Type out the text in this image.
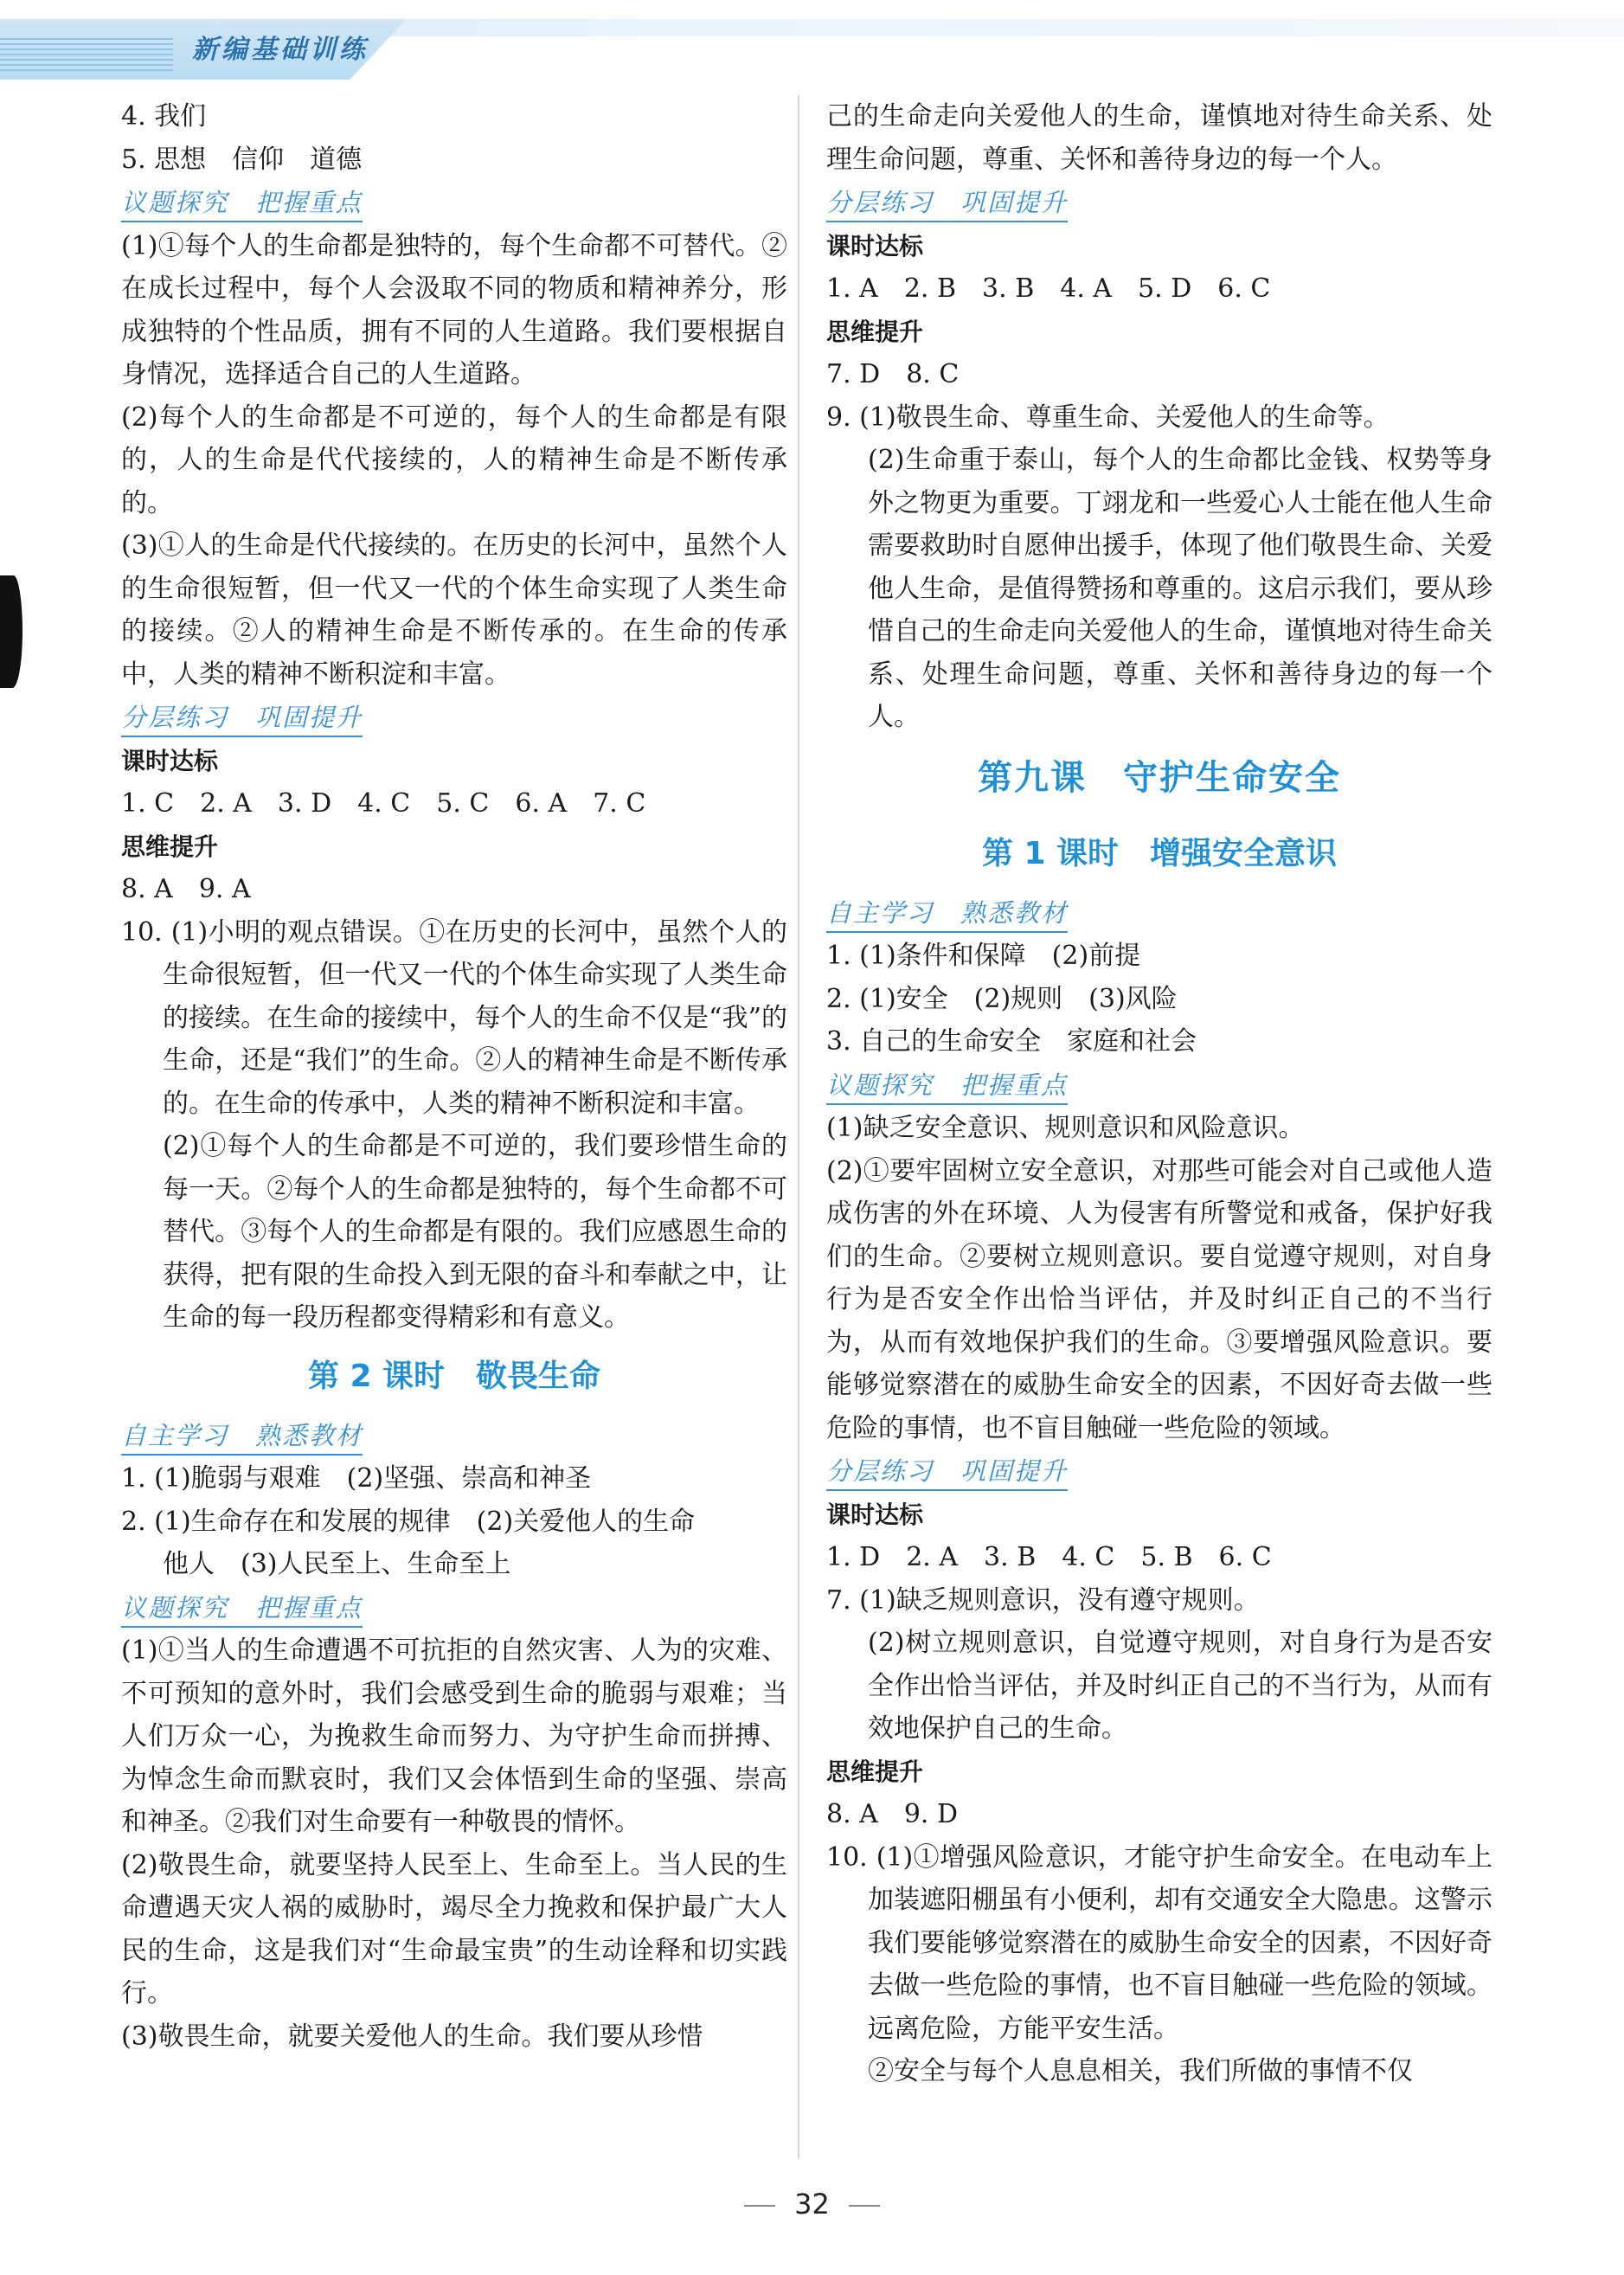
新编基础训练

4. 我们

5. 思想　信仰　道德

议题探究　把握重点

(1)①每个人的生命都是独特的，每个生命都不可替代。②在成长过程中，每个人会汲取不同的物质和精神养分，形成独特的个性品质，拥有不同的人生道路。我们要根据自身情况，选择适合自己的人生道路。

(2)每个人的生命都是不可逆的，每个人的生命都是有限的，人的生命是代代接续的，人的精神生命是不断传承的。

(3)①人的生命是代代接续的。在历史的长河中，虽然个人的生命很短暂，但一代又一代的个体生命实现了人类生命的接续。②人的精神生命是不断传承的。在生命的传承中，人类的精神不断积淀和丰富。

分层练习　巩固提升

课时达标

1. C　2. A　3. D　4. C　5. C　6. A　7. C

思维提升

8. A　9. A

10. (1)小明的观点错误。①在历史的长河中，虽然个人的生命很短暂，但一代又一代的个体生命实现了人类生命的接续。在生命的接续中，每个人的生命不仅是“我”的生命，还是“我们”的生命。②人的精神生命是不断传承的。在生命的传承中，人类的精神不断积淀和丰富。

(2)①每个人的生命都是不可逆的，我们要珍惜生命的每一天。②每个人的生命都是独特的，每个生命都不可替代。③每个人的生命都是有限的。我们应感恩生命的获得，把有限的生命投入到无限的奋斗和奉献之中，让生命的每一段历程都变得精彩和有意义。

第 2 课时　敬畏生命
自主学习　熟悉教材

1. (1)脆弱与艰难　(2)坚强、崇高和神圣

2. (1)生命存在和发展的规律　(2)关爱他人的生命

他人　(3)人民至上、生命至上

议题探究　把握重点

(1)①当人的生命遭遇不可抗拒的自然灾害、人为的灾难、不可预知的意外时，我们会感受到生命的脆弱与艰难；当人们万众一心，为挽救生命而努力、为守护生命而拼搏、为悼念生命而默哀时，我们又会体悟到生命的坚强、崇高和神圣。②我们对生命要有一种敬畏的情怀。

(2)敬畏生命，就要坚持人民至上、生命至上。当人民的生命遭遇天灾人祸的威胁时，竭尽全力挽救和保护最广大人民的生命，这是我们对“生命最宝贵”的生动诠释和切实践行。

(3)敬畏生命，就要关爱他人的生命。我们要从珍惜

己的生命走向关爱他人的生命，谨慎地对待生命关系、处理生命问题，尊重、关怀和善待身边的每一个人。

分层练习　巩固提升

课时达标

1. A　2. B　3. B　4. A　5. D　6. C

思维提升

7. D　8. C

9. (1)敬畏生命、尊重生命、关爱他人的生命等。

(2)生命重于泰山，每个人的生命都比金钱、权势等身外之物更为重要。丁翊龙和一些爱心人士能在他人生命需要救助时自愿伸出援手，体现了他们敬畏生命、关爱他人生命，是值得赞扬和尊重的。这启示我们，要从珍惜自己的生命走向关爱他人的生命，谨慎地对待生命关系、处理生命问题，尊重、关怀和善待身边的每一个人。

第九课　守护生命安全
第 1 课时　增强安全意识
自主学习　熟悉教材

1. (1)条件和保障　(2)前提

2. (1)安全　(2)规则　(3)风险

3. 自己的生命安全　家庭和社会

议题探究　把握重点

(1)缺乏安全意识、规则意识和风险意识。

(2)①要牢固树立安全意识，对那些可能会对自己或他人造成伤害的外在环境、人为侵害有所警觉和戒备，保护好我们的生命。②要树立规则意识。要自觉遵守规则，对自身行为是否安全作出恰当评估，并及时纠正自己的不当行为，从而有效地保护我们的生命。③要增强风险意识。要能够觉察潜在的威胁生命安全的因素，不因好奇去做一些危险的事情，也不盲目触碰一些危险的领域。

分层练习　巩固提升

课时达标

1. D　2. A　3. B　4. C　5. B　6. C

7. (1)缺乏规则意识，没有遵守规则。

(2)树立规则意识，自觉遵守规则，对自身行为是否安全作出恰当评估，并及时纠正自己的不当行为，从而有效地保护自己的生命。

思维提升

8. A　9. D

10. (1)①增强风险意识，才能守护生命安全。在电动车上加装遮阳棚虽有小便利，却有交通安全大隐患。这警示我们要能够觉察潜在的威胁生命安全的因素，不因好奇去做一些危险的事情，也不盲目触碰一些危险的领域。远离危险，方能平安生活。

②安全与每个人息息相关，我们所做的事情不仅

32
